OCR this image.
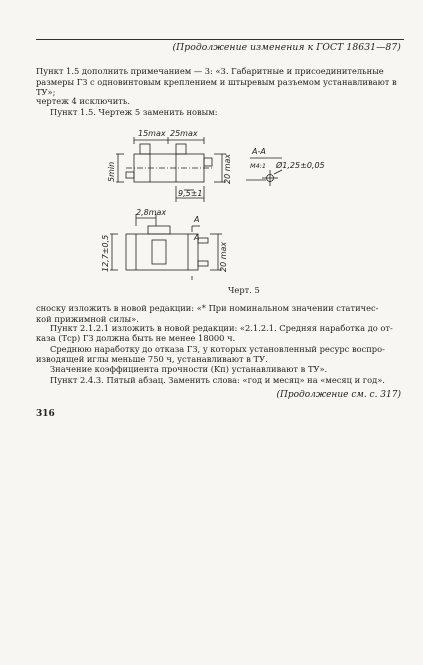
(Продолжение изменения к ГОСТ 18631—87)
Пункт 1.5 дополнить примечанием — 3: «3. Габаритные и присоединительные
размеры ГЗ с одновинтовым креплением и штыревым разъемом устанавливают в
ТУ»;
чертеж 4 исключить.
Пункт 1.5. Чертеж 5 заменить новым:
15max 25max
5min	20 max
9,5±1
2,8max
12,7±0,5	20 max
А-А
М4:1 Ø1,25±0,05
А
А
Черт. 5
сноску изложить в новой редакции: «* При номинальном значении статичес-
кой прижимной силы».
Пункт 2.1.2.1 изложить в новой редакции: «2.1.2.1. Средняя наработка до от-
каза (Tср) ГЗ должна быть не менее 18000 ч.
Среднюю наработку до отказа ГЗ, у которых установленный ресурс воспро-
изводящей иглы меньше 750 ч, устанавливают в ТУ.
Значение коэффициента прочности (Kп) устанавливают в ТУ».
Пункт 2.4.3. Пятый абзац. Заменить слова: «год и месяц» на «месяц и год».
(Продолжение см. с. 317)
316
